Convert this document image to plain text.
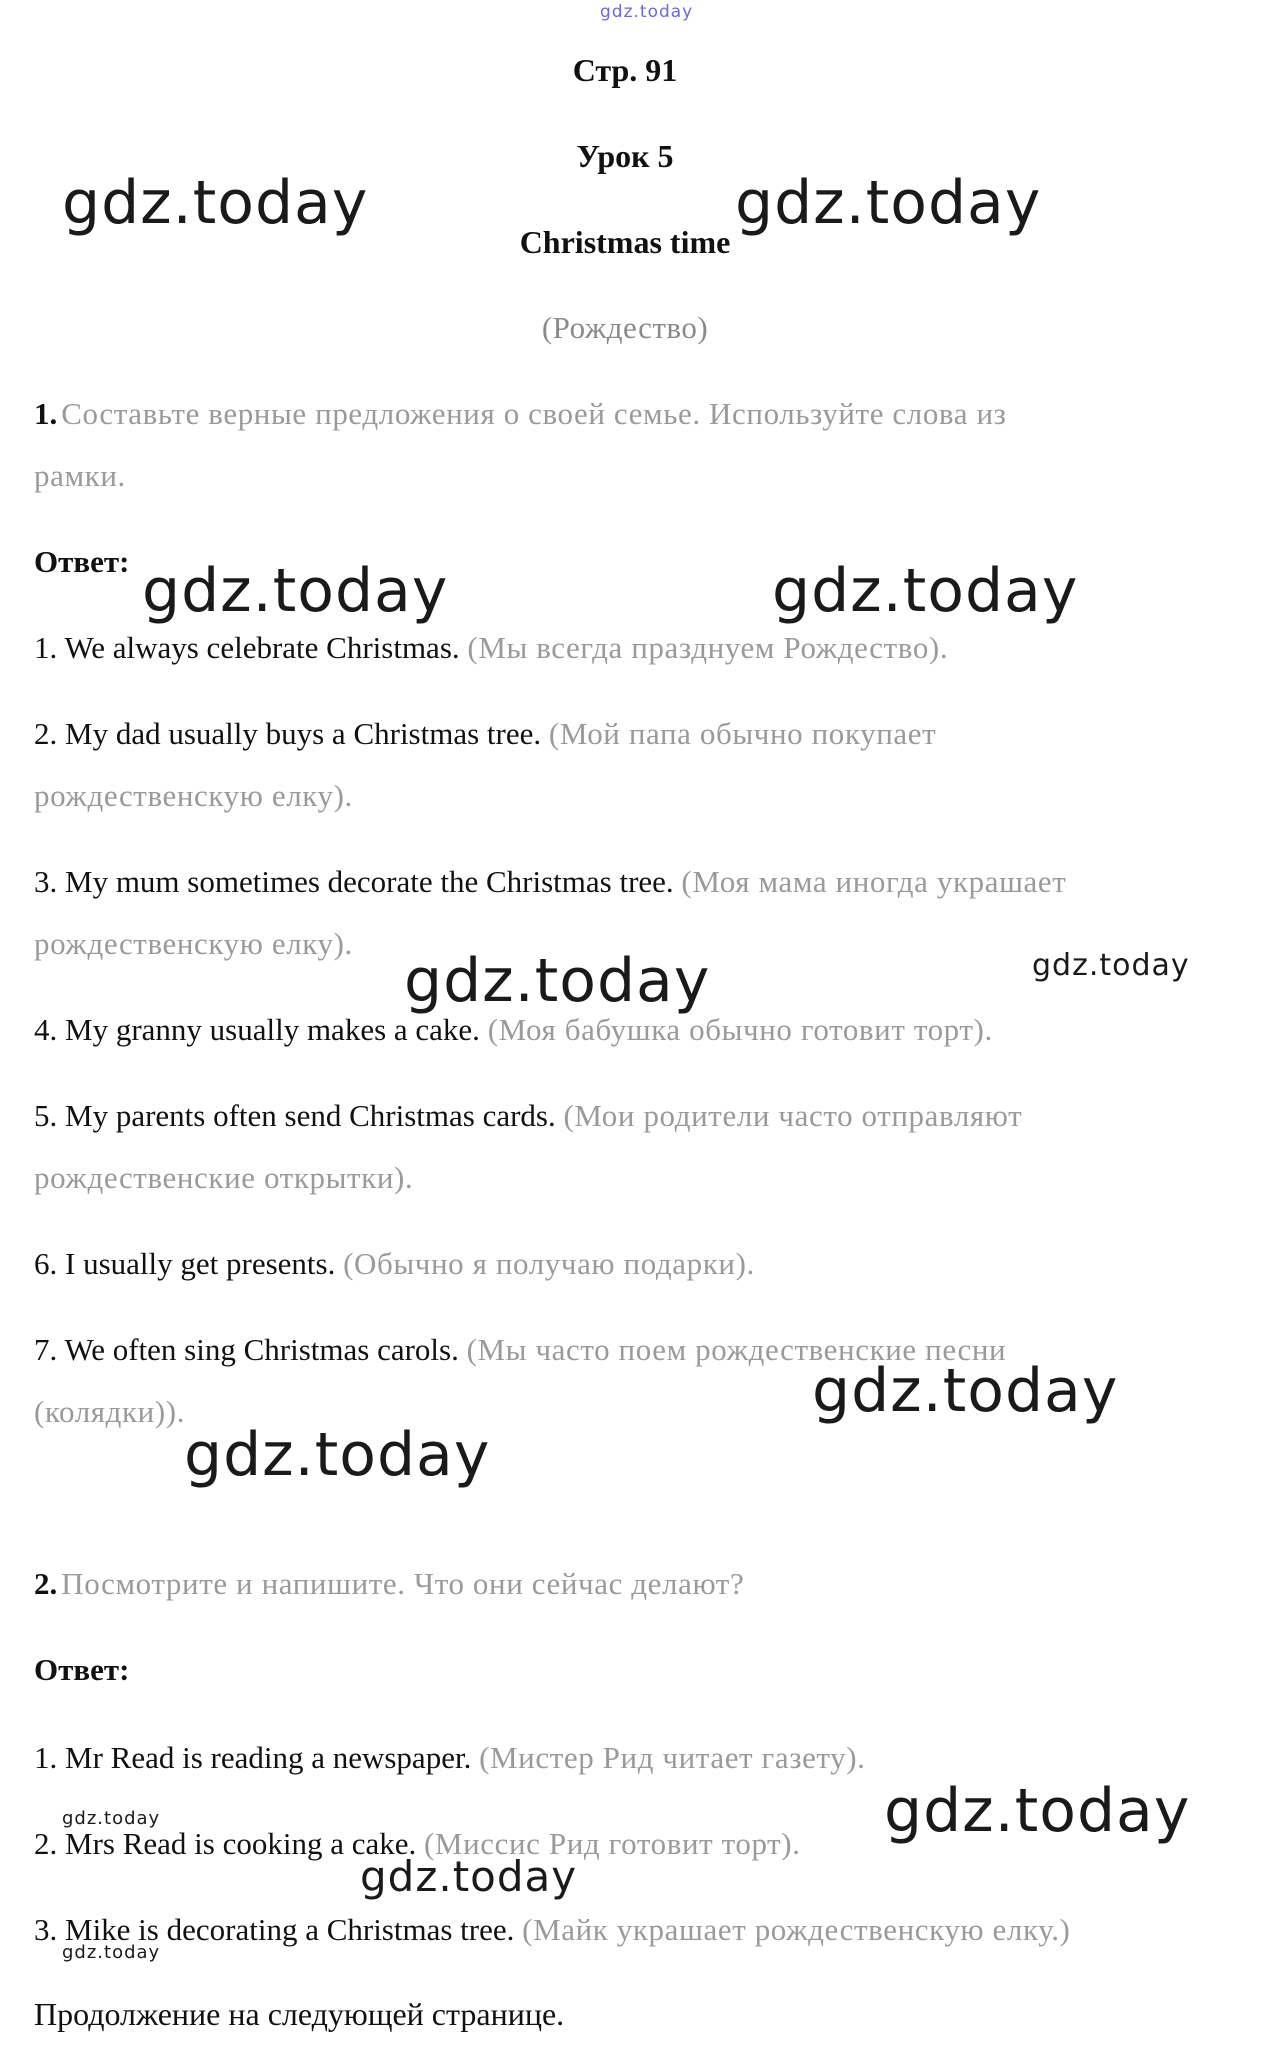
gdz.today
Стр. 91
Урок 5
Christmas time
(Рождество)
1. Составьте верные предложения о своей семье. Используйте слова из
рамки.
Ответ:
1. We always celebrate Christmas. (Мы всегда празднуем Рождество).
2. My dad usually buys a Christmas tree. (Мой папа обычно покупает
рождественскую елку).
3. My mum sometimes decorate the Christmas tree. (Моя мама иногда украшает
рождественскую елку).
4. My granny usually makes a cake. (Моя бабушка обычно готовит торт).
5. My parents often send Christmas cards. (Мои родители часто отправляют
рождественские открытки).
6. I usually get presents. (Обычно я получаю подарки).
7. We often sing Christmas carols. (Мы часто поем рождественские песни
(колядки)).
2. Посмотрите и напишите. Что они сейчас делают?
Ответ:
1. Mr Read is reading a newspaper. (Мистер Рид читает газету).
2. Mrs Read is cooking a cake. (Миссис Рид готовит торт).
3. Mike is decorating a Christmas tree. (Майк украшает рождественскую елку.)
Продолжение на следующей странице.
gdz.today	gdz.today
gdz.today	gdz.today
gdz.today	gdz.today
gdz.today
gdz.today
gdz.today
gdz.today
gdz.today
gdz.today
